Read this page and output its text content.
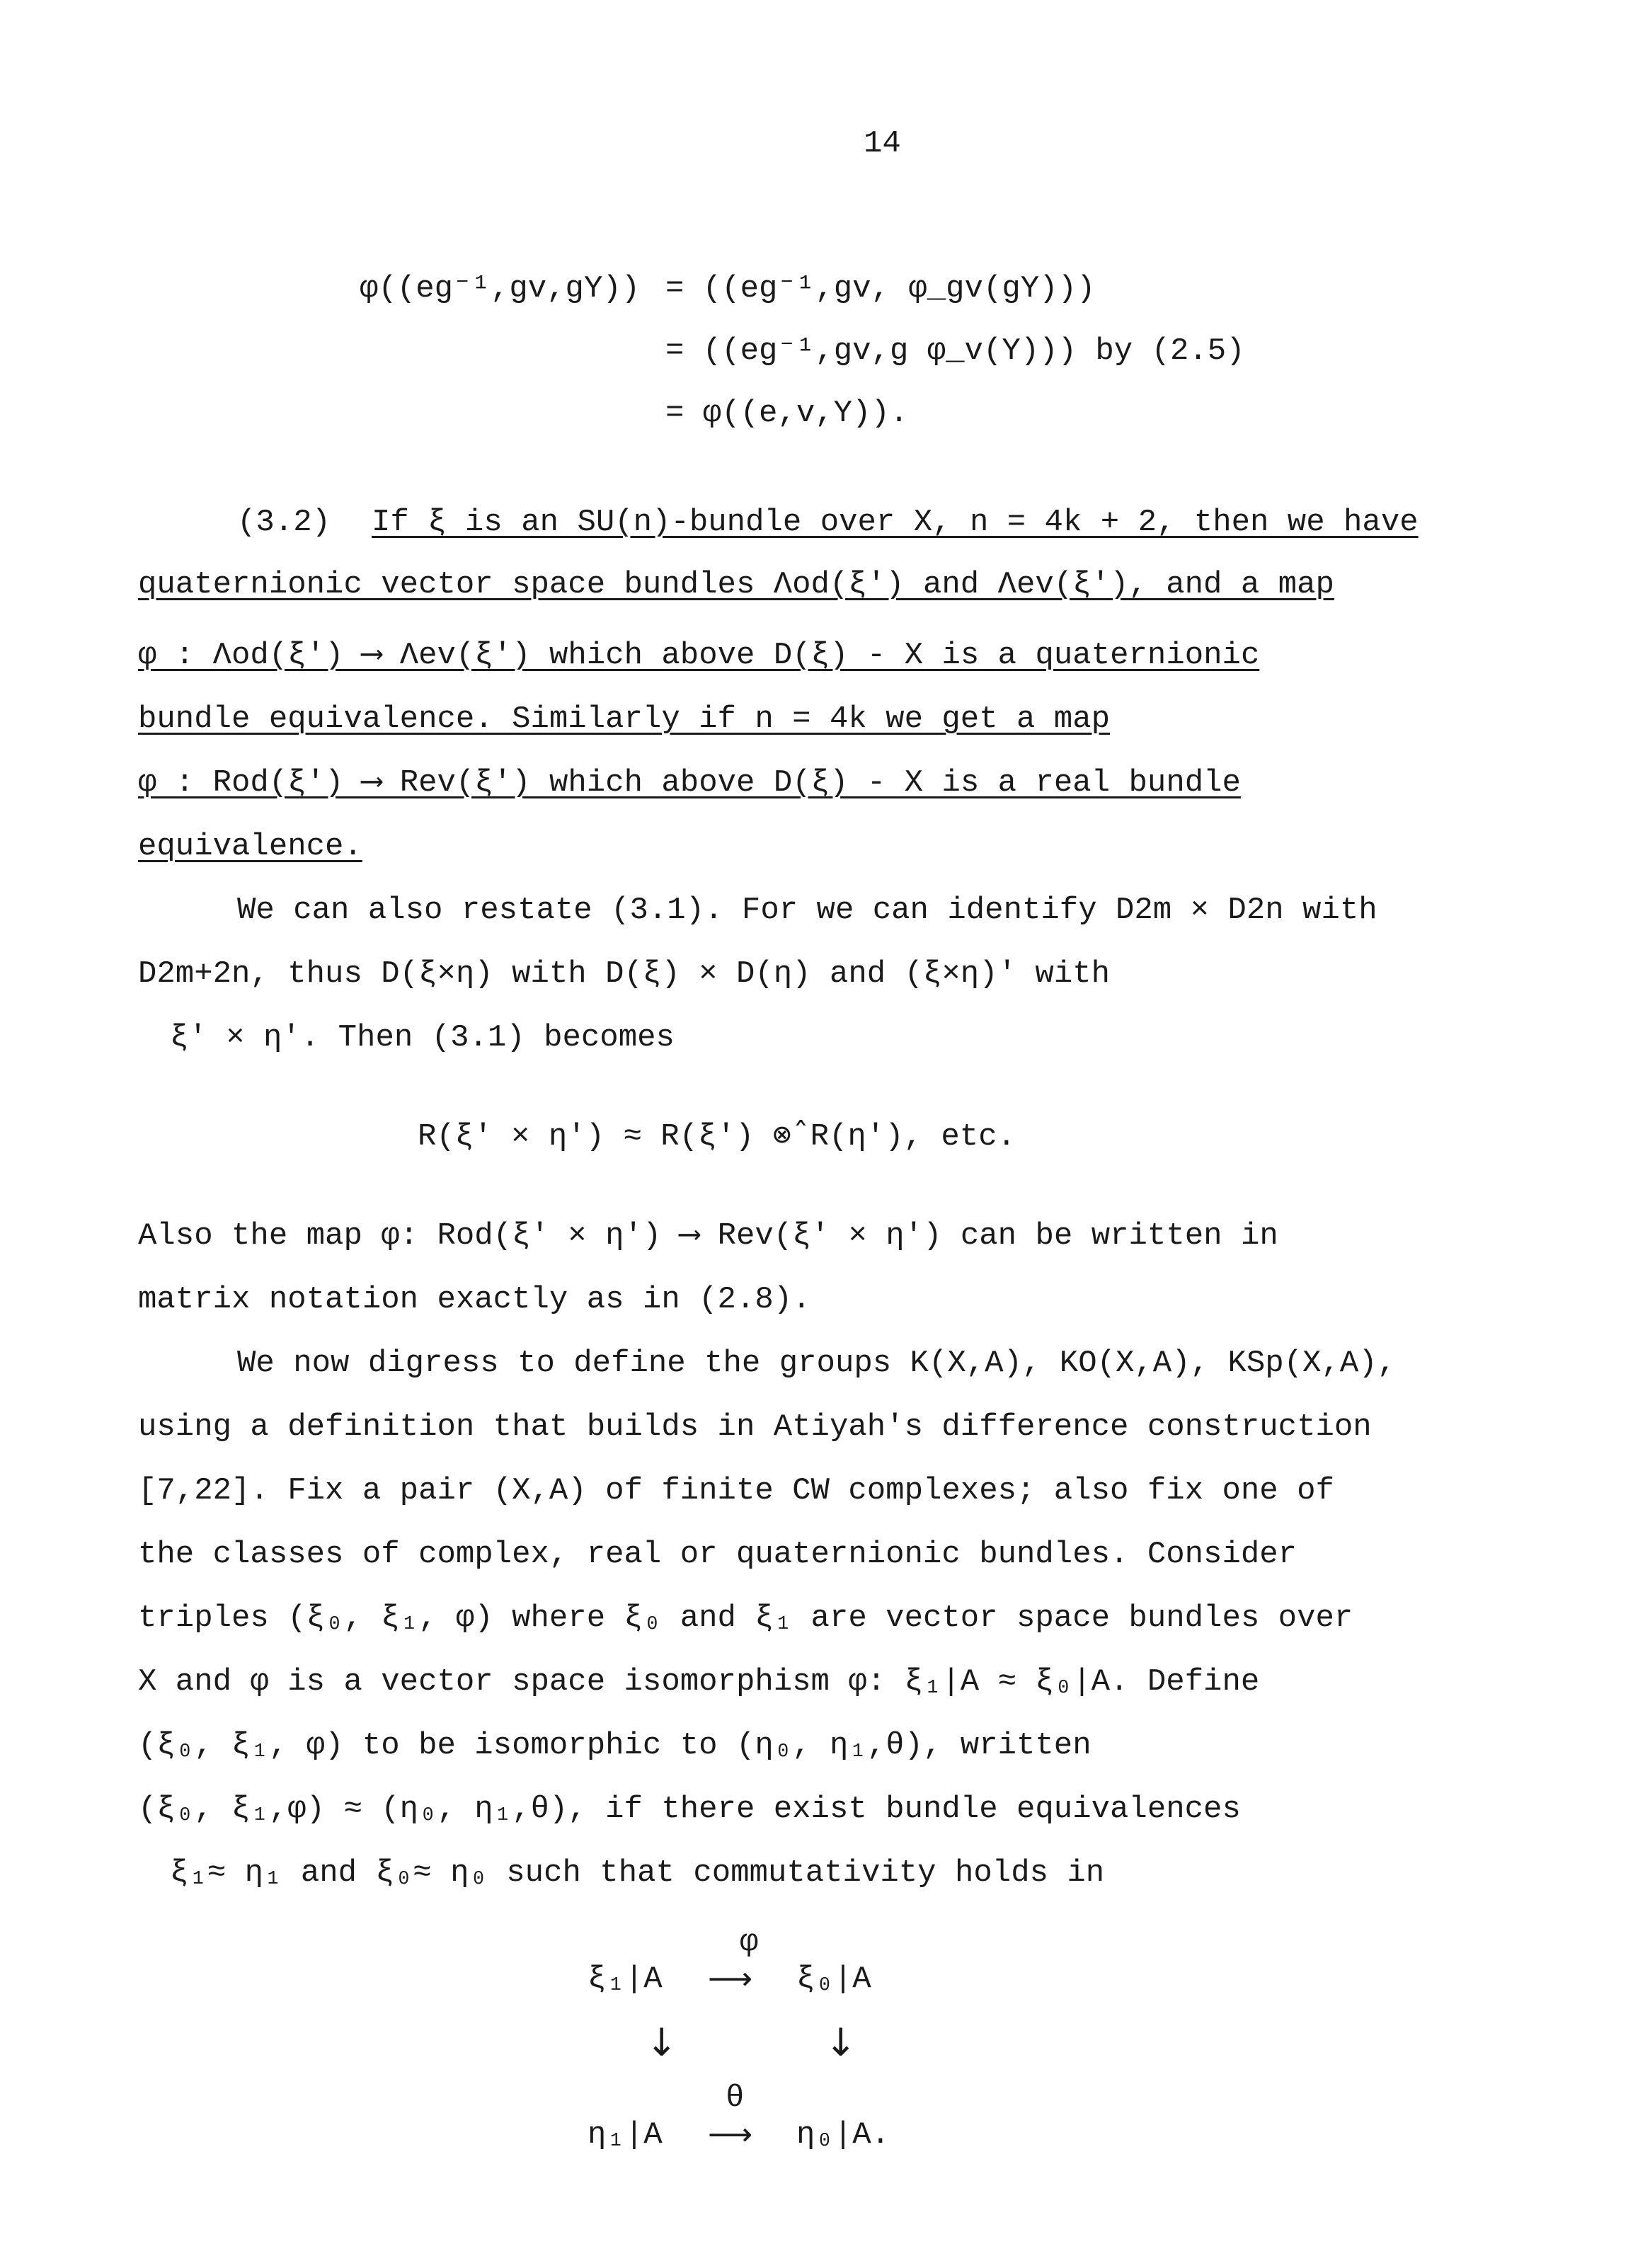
14
φ((eg⁻¹,gv,gY)) = ((eg⁻¹,gv, φ_gv(gY)))
= ((eg⁻¹,gv,g φ_v(Y))) by (2.5)
= φ((e,v,Y)).
(3.2) If ξ is an SU(n)-bundle over X, n = 4k + 2, then we have
quaternionic vector space bundles Λod(ξ') and Λev(ξ'), and a map
φ : Λod(ξ') ⟶ Λev(ξ') which above D(ξ) - X is a quaternionic
bundle equivalence. Similarly if n = 4k we get a map
φ : Rod(ξ') ⟶ Rev(ξ') which above D(ξ) - X is a real bundle
equivalence.
We can also restate (3.1). For we can identify D2m × D2n with
D2m+2n, thus D(ξ×η) with D(ξ) × D(η) and (ξ×η)' with
ξ' × η'. Then (3.1) becomes
R(ξ' × η') ≈ R(ξ') ⊗̂ R(η'), etc.
Also the map φ: Rod(ξ' × η') ⟶ Rev(ξ' × η') can be written in
matrix notation exactly as in (2.8).
We now digress to define the groups K(X,A), KO(X,A), KSp(X,A),
using a definition that builds in Atiyah's difference construction
[7,22]. Fix a pair (X,A) of finite CW complexes; also fix one of
the classes of complex, real or quaternionic bundles. Consider
triples (ξ₀, ξ₁, φ) where ξ₀ and ξ₁ are vector space bundles over
X and φ is a vector space isomorphism φ: ξ₁|A ≈ ξ₀|A. Define
(ξ₀, ξ₁, φ) to be isomorphic to (η₀, η₁,θ), written
(ξ₀, ξ₁,φ) ≈ (η₀, η₁,θ), if there exist bundle equivalences
ξ₁≈ η₁ and ξ₀≈ η₀ such that commutativity holds in
ξ₁|A
φ
⟶ ξ₀|A
↓	↓
θ
η₁|A ⟶ η₀|A.
